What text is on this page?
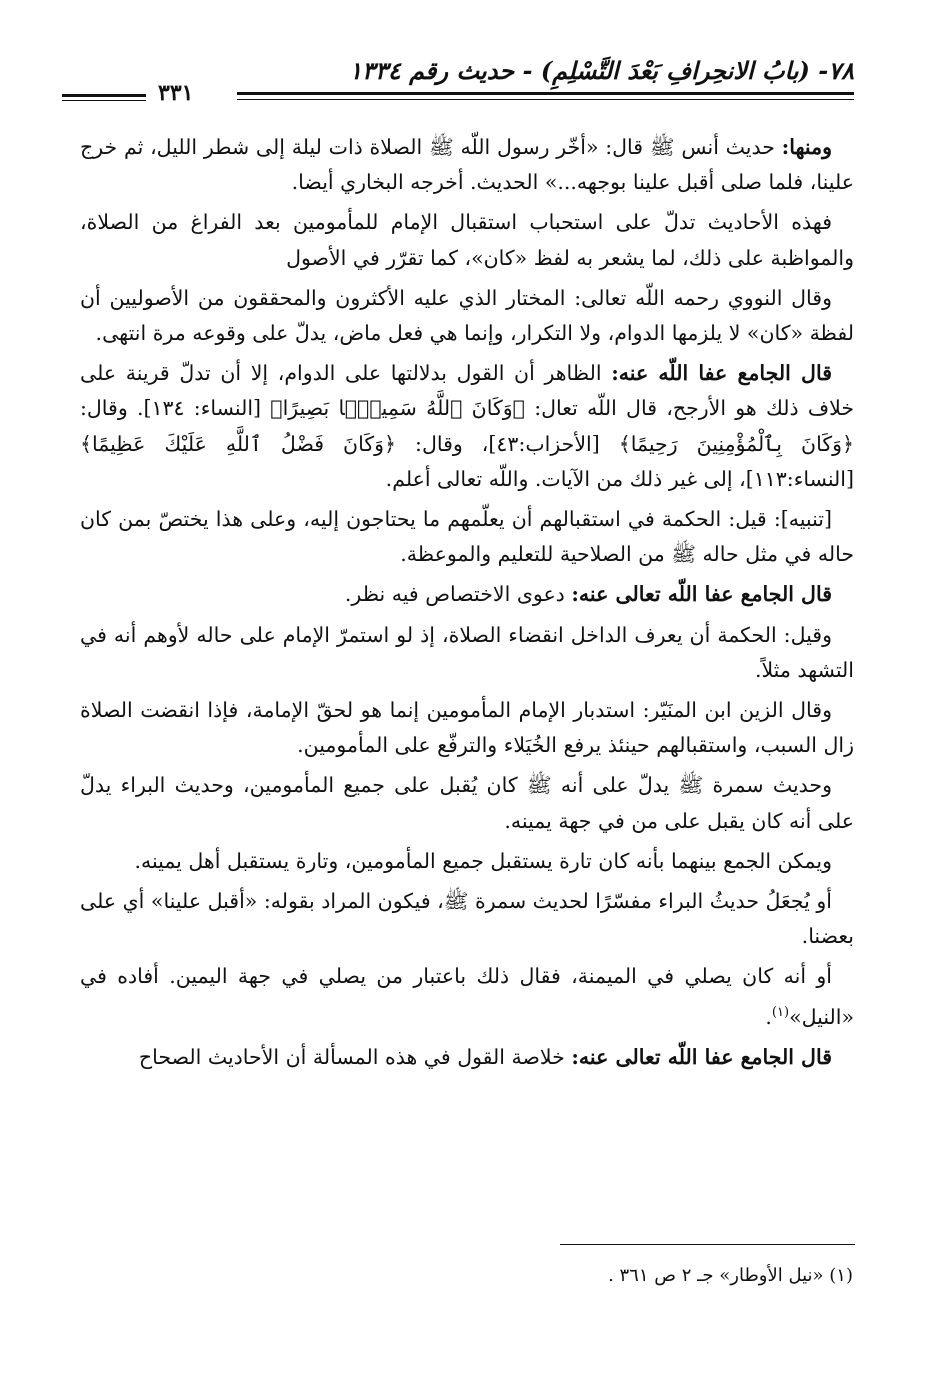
٧٨- (بابُ الانحِرافِ بَعْدَ التَّسْلِمِ) - حديث رقم ١٣٣٤
٣٣١

ومنها: حديث أنس ﷺ قال: «أخّر رسول اللّه ﷺ الصلاة ذات ليلة إلى شطر الليل، ثم خرج علينا، فلما صلى أقبل علينا بوجهه...» الحديث. أخرجه البخاري أيضا.

فهذه الأحاديث تدلّ على استحباب استقبال الإمام للمأمومين بعد الفراغ من الصلاة، والمواظبة على ذلك، لما يشعر به لفظ «كان»، كما تقرّر في الأصول

وقال النووي رحمه اللّه تعالى: المختار الذي عليه الأكثرون والمحققون من الأصوليين أن لفظة «كان» لا يلزمها الدوام، ولا التكرار، وإنما هي فعل ماض، يدلّ على وقوعه مرة انتهى.

قال الجامع عفا اللّه عنه: الظاهر أن القول بدلالتها على الدوام، إلا أن تدلّ قرينة على خلاف ذلك هو الأرجح، قال اللّه تعال: ﴿وَكَانَ ٱللَّهُ سَمِيعًۢا بَصِيرًا﴾ [النساء: ١٣٤]. وقال: ﴿وَكَانَ بِٱلْمُؤْمِنِينَ رَحِيمًا﴾ [الأحزاب:٤٣]، وقال: ﴿وَكَانَ فَضْلُ ٱللَّهِ عَلَيْكَ عَظِيمًا﴾ [النساء:١١٣]، إلى غير ذلك من الآيات. واللّه تعالى أعلم.

[تنبيه]: قيل: الحكمة في استقبالهم أن يعلّمهم ما يحتاجون إليه، وعلى هذا يختصّ بمن كان حاله في مثل حاله ﷺ من الصلاحية للتعليم والموعظة.

قال الجامع عفا اللّه تعالى عنه: دعوى الاختصاص فيه نظر.

وقيل: الحكمة أن يعرف الداخل انقضاء الصلاة، إذ لو استمرّ الإمام على حاله لأوهم أنه في التشهد مثلاً.

وقال الزين ابن المنَيّر: استدبار الإمام المأمومين إنما هو لحقّ الإمامة، فإذا انقضت الصلاة زال السبب، واستقبالهم حينئذ يرفع الخُيَلاء والترفّع على المأمومين.

وحديث سمرة ﷺ يدلّ على أنه ﷺ كان يُقبل على جميع المأمومين، وحديث البراء يدلّ على أنه كان يقبل على من في جهة يمينه.

ويمكن الجمع بينهما بأنه كان تارة يستقبل جميع المأمومين، وتارة يستقبل أهل يمينه.

أو يُجعَلُ حديثُ البراء مفسّرًا لحديث سمرة ﷺ، فيكون المراد بقوله: «أقبل علينا» أي على بعضنا.

أو أنه كان يصلي في الميمنة، فقال ذلك باعتبار من يصلي في جهة اليمين. أفاده في «النيل»$^{(١)}$.

قال الجامع عفا اللّه تعالى عنه: خلاصة القول في هذه المسألة أن الأحاديث الصحاح

(١) «نيل الأوطار» جـ ٢ ص ٣٦١ .
